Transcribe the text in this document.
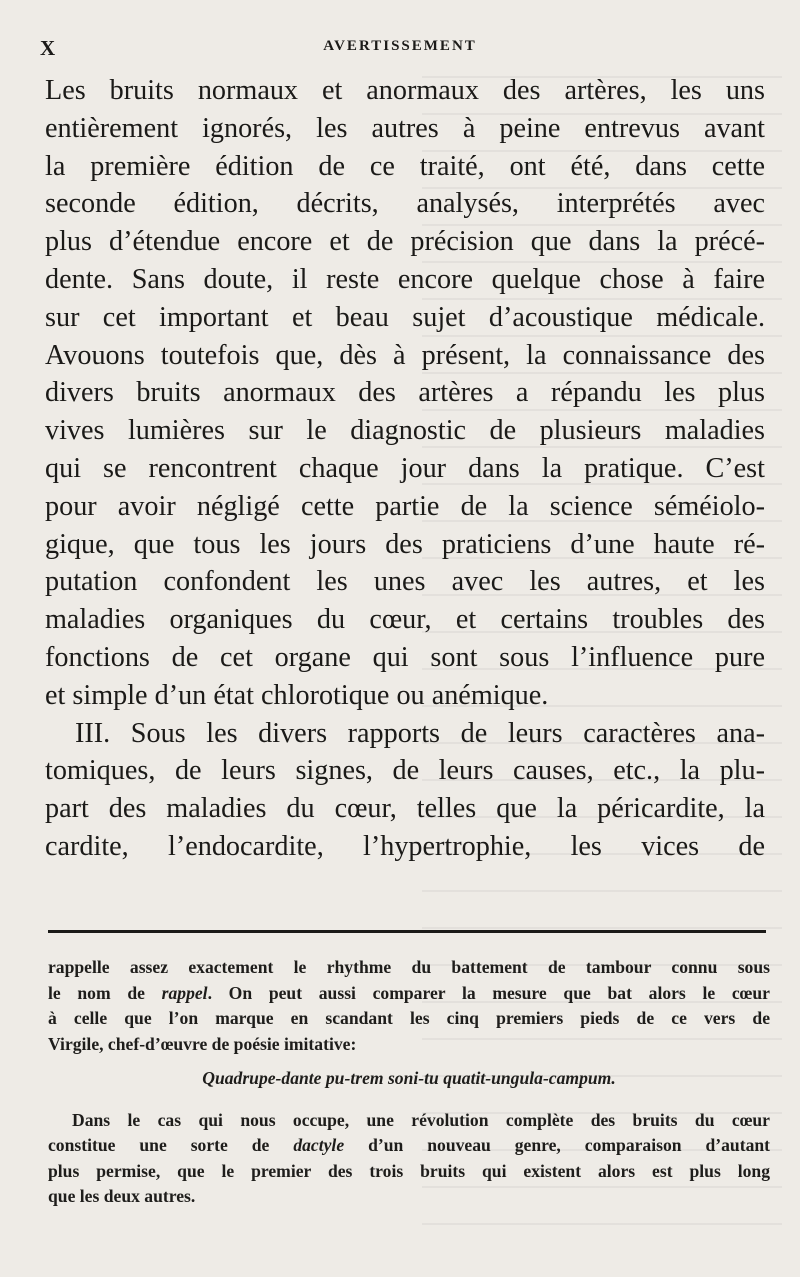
X	AVERTISSEMENT
Les bruits normaux et anormaux des artères, les uns
entièrement ignorés, les autres à peine entrevus avant
la première édition de ce traité, ont été, dans cette
seconde édition, décrits, analysés, interprétés avec
plus d’étendue encore et de précision que dans la précé-
dente. Sans doute, il reste encore quelque chose à faire
sur cet important et beau sujet d’acoustique médicale.
Avouons toutefois que, dès à présent, la connaissance des
divers bruits anormaux des artères a répandu les plus
vives lumières sur le diagnostic de plusieurs maladies
qui se rencontrent chaque jour dans la pratique. C’est
pour avoir négligé cette partie de la science séméiolo-
gique, que tous les jours des praticiens d’une haute ré-
putation confondent les unes avec les autres, et les
maladies organiques du cœur, et certains troubles des
fonctions de cet organe qui sont sous l’influence pure
et simple d’un état chlorotique ou anémique.
III. Sous les divers rapports de leurs caractères ana-
tomiques, de leurs signes, de leurs causes, etc., la plu-
part des maladies du cœur, telles que la péricardite, la
cardite, l’endocardite, l’hypertrophie, les vices de
rappelle assez exactement le rhythme du battement de tambour connu sous
le nom de rappel. On peut aussi comparer la mesure que bat alors le cœur
à celle que l’on marque en scandant les cinq premiers pieds de ce vers de
Virgile, chef-d’œuvre de poésie imitative:
Quadrupe-dante pu-trem soni-tu quatit-ungula-campum.
Dans le cas qui nous occupe, une révolution complète des bruits du cœur
constitue une sorte de dactyle d’un nouveau genre, comparaison d’autant
plus permise, que le premier des trois bruits qui existent alors est plus long
que les deux autres.
